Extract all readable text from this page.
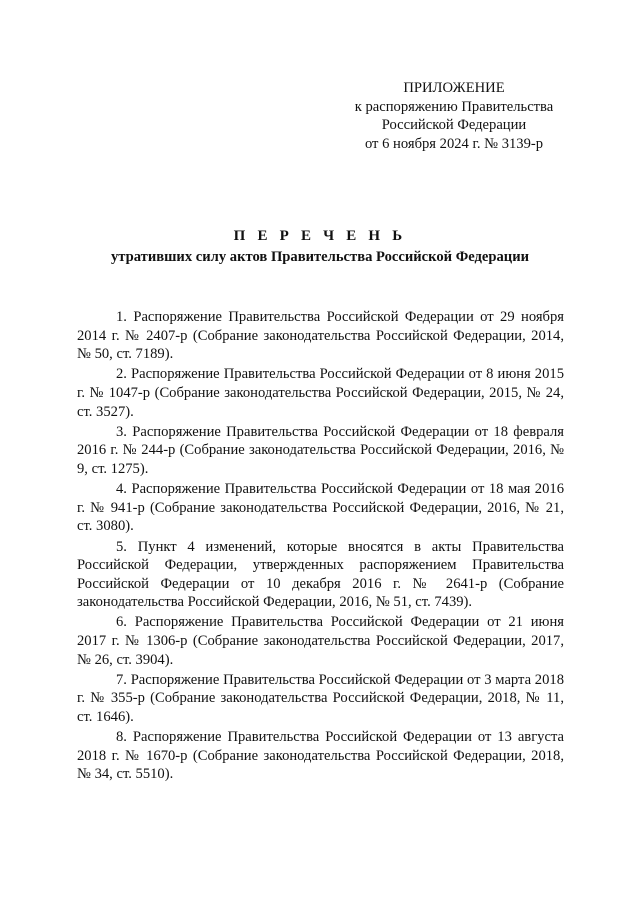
ПРИЛОЖЕНИЕ
к распоряжению Правительства
Российской Федерации
от 6 ноября 2024 г. № 3139-р
П Е Р Е Ч Е Н Ь
утративших силу актов Правительства Российской Федерации

1. Распоряжение Правительства Российской Федерации от 29 ноября 2014 г. № 2407-р (Собрание законодательства Российской Федерации, 2014, № 50, ст. 7189).

2. Распоряжение Правительства Российской Федерации от 8 июня 2015 г. № 1047-р (Собрание законодательства Российской Федерации, 2015, № 24, ст. 3527).

3. Распоряжение Правительства Российской Федерации от 18 февраля 2016 г. № 244-р (Собрание законодательства Российской Федерации, 2016, № 9, ст. 1275).

4. Распоряжение Правительства Российской Федерации от 18 мая 2016 г. № 941-р (Собрание законодательства Российской Федерации, 2016, № 21, ст. 3080).

5. Пункт 4 изменений, которые вносятся в акты Правительства Российской Федерации, утвержденных распоряжением Правительства Российской Федерации от 10 декабря 2016 г. № 2641-р (Собрание законодательства Российской Федерации, 2016, № 51, ст. 7439).

6. Распоряжение Правительства Российской Федерации от 21 июня 2017 г. № 1306-р (Собрание законодательства Российской Федерации, 2017, № 26, ст. 3904).

7. Распоряжение Правительства Российской Федерации от 3 марта 2018 г. № 355-р (Собрание законодательства Российской Федерации, 2018, № 11, ст. 1646).

8. Распоряжение Правительства Российской Федерации от 13 августа 2018 г. № 1670-р (Собрание законодательства Российской Федерации, 2018, № 34, ст. 5510).
